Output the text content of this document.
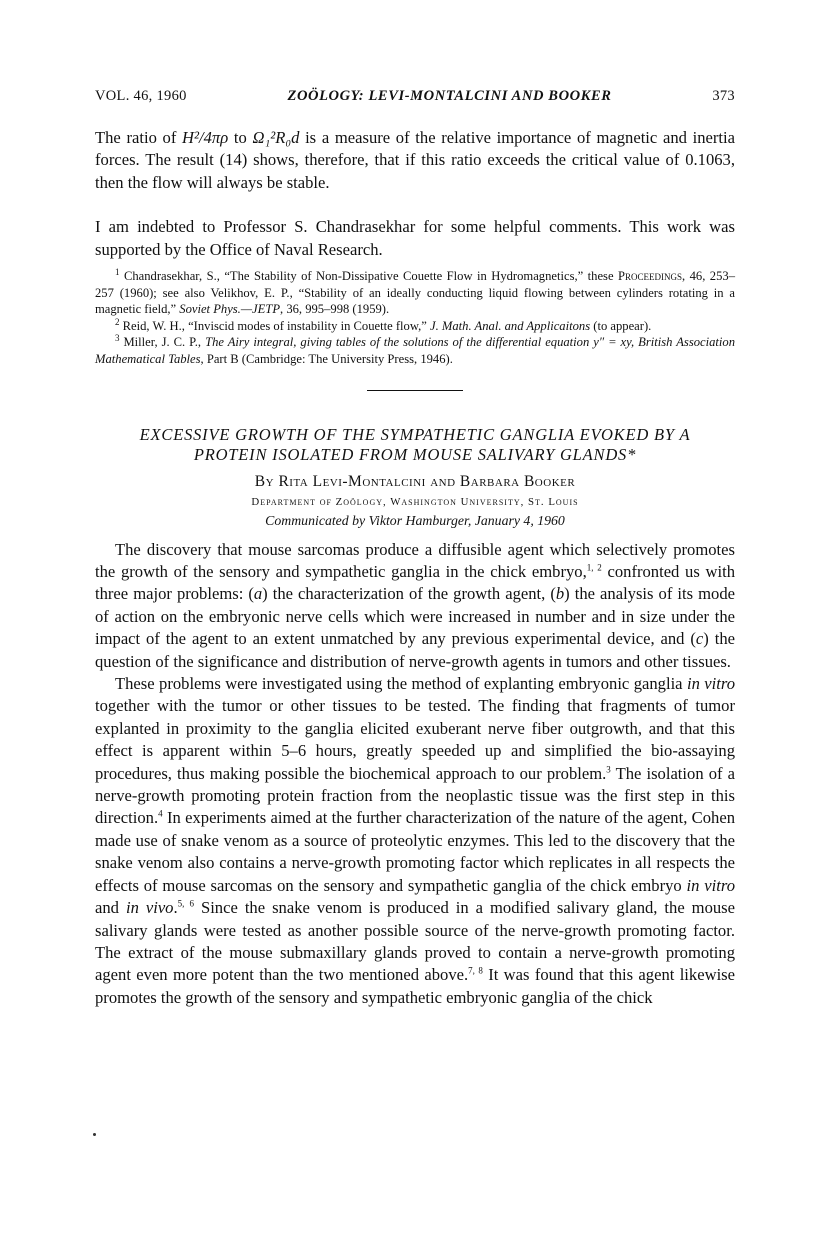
VOL. 46, 1960	ZOÖLOGY: LEVI-MONTALCINI AND BOOKER	373

The ratio of H²/4πρ to Ω₁²R₀d is a measure of the relative importance of magnetic and inertia forces. The result (14) shows, therefore, that if this ratio exceeds the critical value of 0.1063, then the flow will always be stable.

I am indebted to Professor S. Chandrasekhar for some helpful comments. This work was supported by the Office of Naval Research.

$^1$ Chandrasekhar, S., “The Stability of Non-Dissipative Couette Flow in Hydromagnetics,” these Proceedings, 46, 253–257 (1960); see also Velikhov, E. P., “Stability of an ideally conducting liquid flowing between cylinders rotating in a magnetic field,” Soviet Phys.—JETP, 36, 995–998 (1959).

$^2$ Reid, W. H., “Inviscid modes of instability in Couette flow,” J. Math. Anal. and Applicaitons (to appear).

$^3$ Miller, J. C. P., The Airy integral, giving tables of the solutions of the differential equation y″ = xy, British Association Mathematical Tables, Part B (Cambridge: The University Press, 1946).

EXCESSIVE GROWTH OF THE SYMPATHETIC GANGLIA EVOKED BY A
PROTEIN ISOLATED FROM MOUSE SALIVARY GLANDS*
By Rita Levi-Montalcini and Barbara Booker
Department of Zoölogy, Washington University, St. Louis
Communicated by Viktor Hamburger, January 4, 1960

The discovery that mouse sarcomas produce a diffusible agent which selectively promotes the growth of the sensory and sympathetic ganglia in the chick embryo,$^{1, 2}$ confronted us with three major problems: (a) the characterization of the growth agent, (b) the analysis of its mode of action on the embryonic nerve cells which were increased in number and in size under the impact of the agent to an extent unmatched by any previous experimental device, and (c) the question of the significance and distribution of nerve-growth agents in tumors and other tissues.

These problems were investigated using the method of explanting embryonic ganglia in vitro together with the tumor or other tissues to be tested. The finding that fragments of tumor explanted in proximity to the ganglia elicited exuberant nerve fiber outgrowth, and that this effect is apparent within 5–6 hours, greatly speeded up and simplified the bio-assaying procedures, thus making possible the biochemical approach to our problem.$^3$ The isolation of a nerve-growth promoting protein fraction from the neoplastic tissue was the first step in this direction.$^4$ In experiments aimed at the further characterization of the nature of the agent, Cohen made use of snake venom as a source of proteolytic enzymes. This led to the discovery that the snake venom also contains a nerve-growth promoting factor which replicates in all respects the effects of mouse sarcomas on the sensory and sympathetic ganglia of the chick embryo in vitro and in vivo.$^{5, 6}$ Since the snake venom is produced in a modified salivary gland, the mouse salivary glands were tested as another possible source of the nerve-growth promoting factor. The extract of the mouse submaxillary glands proved to contain a nerve-growth promoting agent even more potent than the two mentioned above.$^{7, 8}$ It was found that this agent likewise promotes the growth of the sensory and sympathetic embryonic ganglia of the chick
